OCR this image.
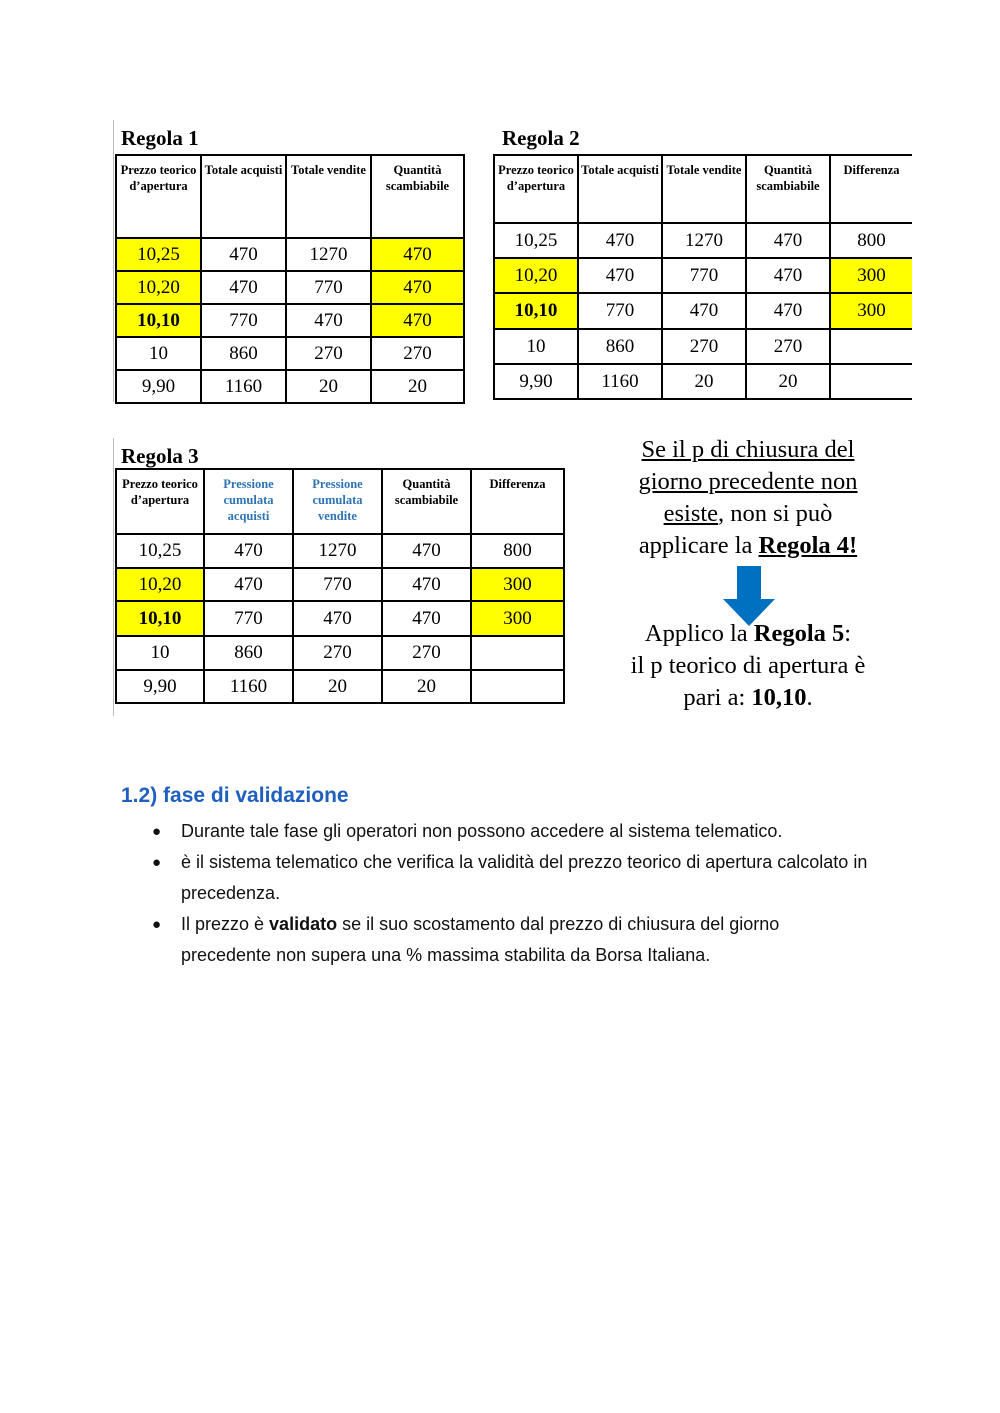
Regola 1
Prezzo teorico d’apertura	Totale acquisti	Totale vendite	Quantità scambiabile
10,25	470	1270	470
10,20	470	770	470
10,10	770	470	470
10	860	270	270
9,90	1160	20	20
Regola 2
Prezzo teorico d’apertura	Totale acquisti	Totale vendite	Quantità scambiabile	Differenza
10,25	470	1270	470	800
10,20	470	770	470	300
10,10	770	470	470	300
10	860	270	270	
9,90	1160	20	20	
Regola 3
Prezzo teorico d’apertura	Pressione cumulata acquisti	Pressione cumulata vendite	Quantità scambiabile	Differenza
10,25	470	1270	470	800
10,20	470	770	470	300
10,10	770	470	470	300
10	860	270	270	
9,90	1160	20	20	
Se il p di chiusura del
giorno precedente non
esiste, non si può
applicare la Regola 4!
Applico la Regola 5:
il p teorico di apertura è
pari a: 10,10.
1.2) fase di validazione
● Durante tale fase gli operatori non possono accedere al sistema telematico.
● è il sistema telematico che verifica la validità del prezzo teorico di apertura calcolato in precedenza.
● Il prezzo è validato se il suo scostamento dal prezzo di chiusura del giorno precedente non supera una % massima stabilita da Borsa Italiana.
